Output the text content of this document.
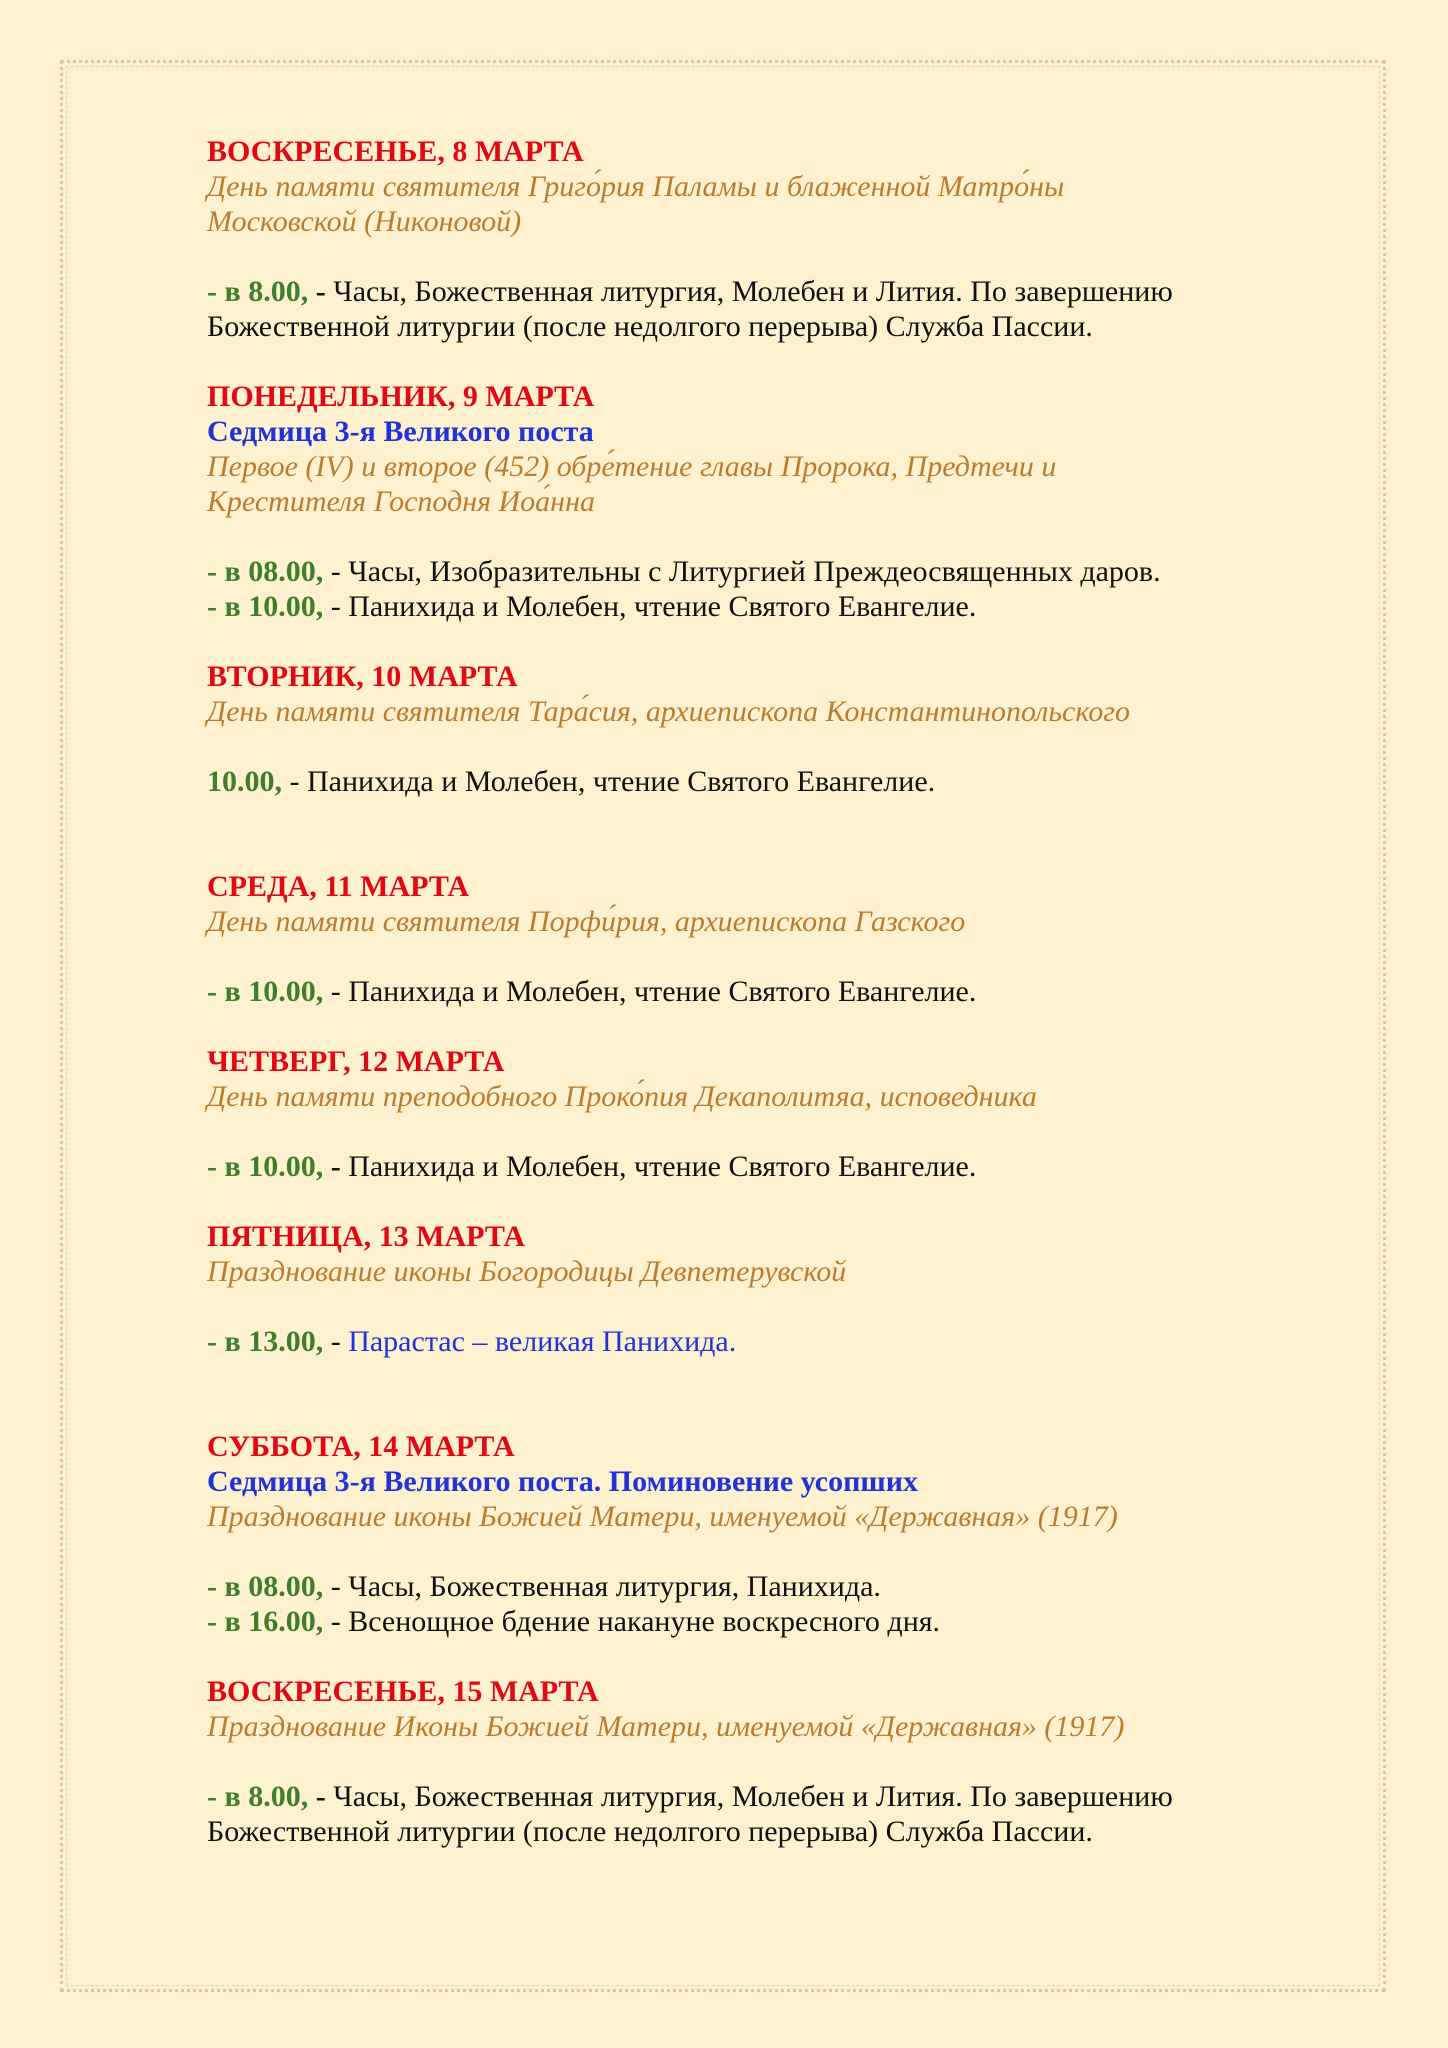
ВОСКРЕСЕНЬЕ, 8 МАРТА
День памяти святителя Григо́рия Паламы и блаженной Матро́ны
Московской (Никоновой)
- в 8.00, - Часы, Божественная литургия, Молебен и Лития. По завершению
Божественной литургии (после недолгого перерыва) Служба Пассии.
ПОНЕДЕЛЬНИК, 9 МАРТА
Седмица 3-я Великого поста
Первое (IV) и второе (452) обре́тение главы Пророка, Предтечи и
Крестителя Господня Иоа́нна
- в 08.00, - Часы, Изобразительны с Литургией Преждеосвященных даров.
- в 10.00, - Панихида и Молебен, чтение Святого Евангелие.
ВТОРНИК, 10 МАРТА
День памяти святителя Тара́сия, архиепископа Константинопольского
10.00, - Панихида и Молебен, чтение Святого Евангелие.
СРЕДА, 11 МАРТА
День памяти святителя Порфи́рия, архиепископа Газского
- в 10.00, - Панихида и Молебен, чтение Святого Евангелие.
ЧЕТВЕРГ, 12 МАРТА
День памяти преподобного Проко́пия Декаполитяа, исповедника
- в 10.00, - Панихида и Молебен, чтение Святого Евангелие.
ПЯТНИЦА, 13 МАРТА
Празднование иконы Богородицы Девпетерувской
- в 13.00, - Парастас – великая Панихида.
СУББОТА, 14 МАРТА
Седмица 3-я Великого поста. Поминовение усопших
Празднование иконы Божией Матери, именуемой «Державная» (1917)
- в 08.00, - Часы, Божественная литургия, Панихида.
- в 16.00, - Всенощное бдение накануне воскресного дня.
ВОСКРЕСЕНЬЕ, 15 МАРТА
Празднование Иконы Божией Матери, именуемой «Державная» (1917)
- в 8.00, - Часы, Божественная литургия, Молебен и Лития. По завершению
Божественной литургии (после недолгого перерыва) Служба Пассии.
